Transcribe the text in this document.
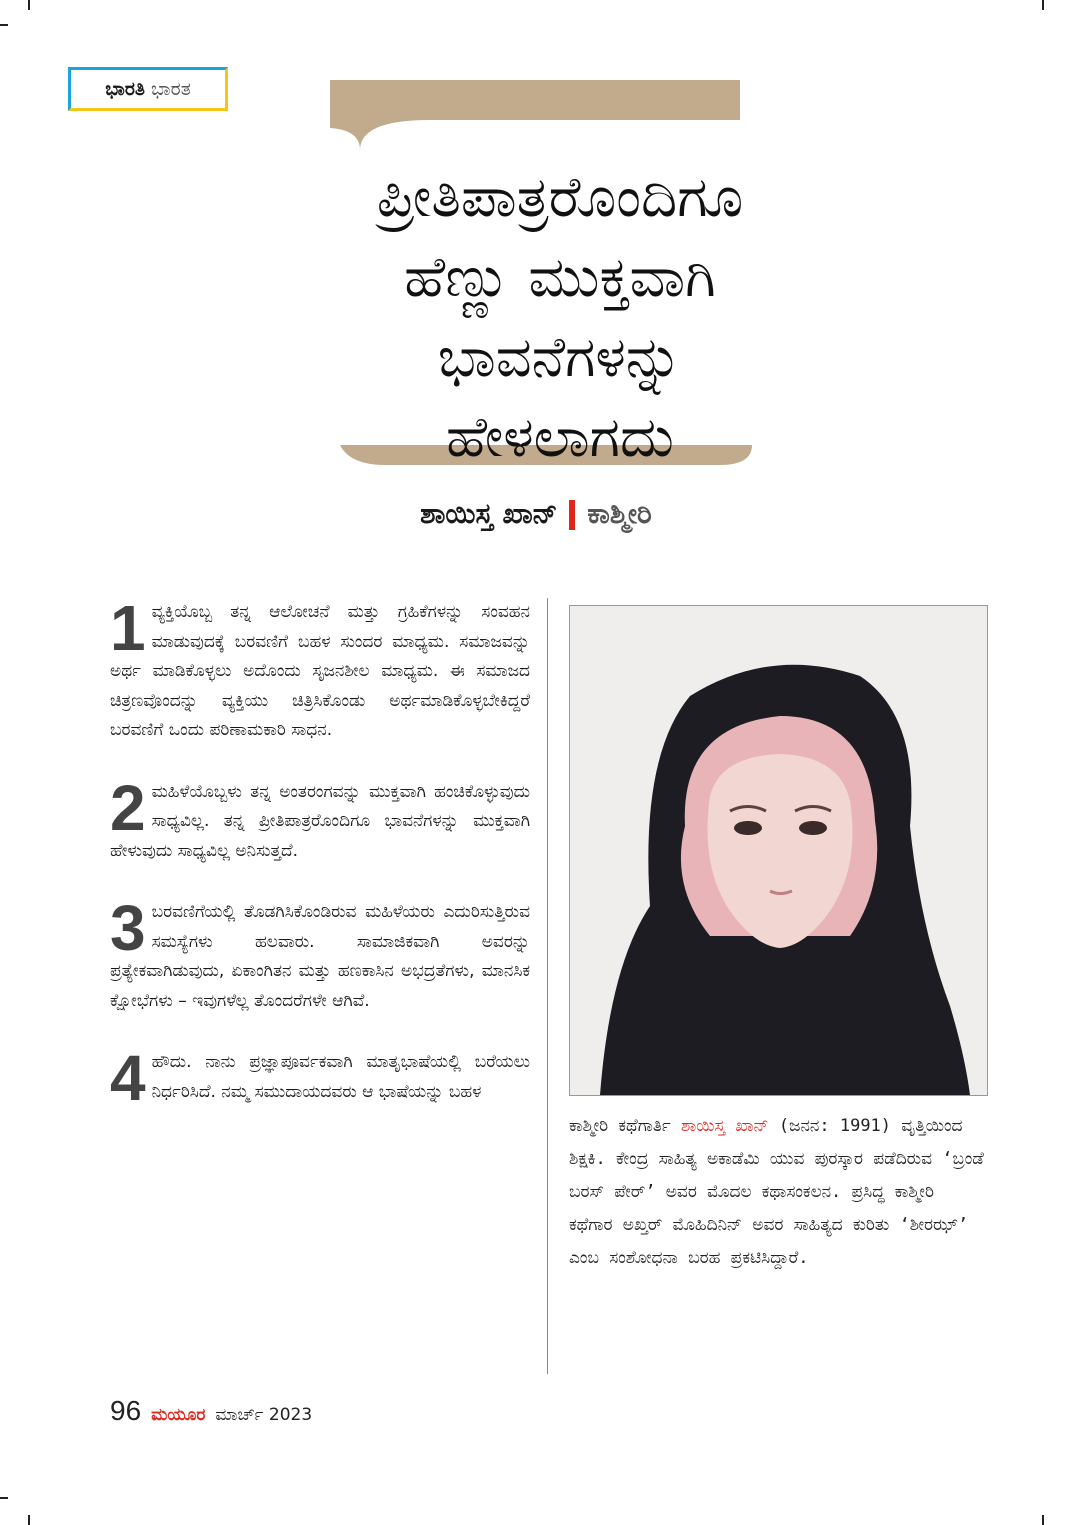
ಭಾರತಿ ಭಾರತ
ಪ್ರೀತಿಪಾತ್ರರೊಂದಿಗೂ
ಹೆಣ್ಣು ಮುಕ್ತವಾಗಿ
ಭಾವನೆಗಳನ್ನು
ಹೇಳಲಾಗದು
ಶಾಯಿಸ್ತ ಖಾನ್ ಕಾಶ್ಮೀರಿ
1 ವ್ಯಕ್ತಿಯೊಬ್ಬ ತನ್ನ ಆಲೋಚನೆ ಮತ್ತು ಗ್ರಹಿಕೆಗಳನ್ನು ಸಂವಹನ ಮಾಡುವುದಕ್ಕೆ ಬರವಣಿಗೆ ಬಹಳ ಸುಂದರ ಮಾಧ್ಯಮ. ಸಮಾಜವನ್ನು ಅರ್ಥ ಮಾಡಿಕೊಳ್ಳಲು ಅದೊಂದು ಸೃಜನಶೀಲ ಮಾಧ್ಯಮ. ಈ ಸಮಾಜದ ಚಿತ್ರಣವೊಂದನ್ನು ವ್ಯಕ್ತಿಯು ಚಿತ್ರಿಸಿಕೊಂಡು ಅರ್ಥಮಾಡಿಕೊಳ್ಳಬೇಕಿದ್ದರೆ ಬರವಣಿಗೆ ಒಂದು ಪರಿಣಾಮಕಾರಿ ಸಾಧನ.
2 ಮಹಿಳೆಯೊಬ್ಬಳು ತನ್ನ ಅಂತರಂಗವನ್ನು ಮುಕ್ತವಾಗಿ ಹಂಚಿಕೊಳ್ಳುವುದು ಸಾಧ್ಯವಿಲ್ಲ. ತನ್ನ ಪ್ರೀತಿಪಾತ್ರರೊಂದಿಗೂ ಭಾವನೆಗಳನ್ನು ಮುಕ್ತವಾಗಿ ಹೇಳುವುದು ಸಾಧ್ಯವಿಲ್ಲ ಅನಿಸುತ್ತದೆ.
3 ಬರವಣಿಗೆಯಲ್ಲಿ ತೊಡಗಿಸಿಕೊಂಡಿರುವ ಮಹಿಳೆಯರು ಎದುರಿಸುತ್ತಿರುವ ಸಮಸ್ಯೆಗಳು ಹಲವಾರು. ಸಾಮಾಜಿಕವಾಗಿ ಅವರನ್ನು ಪ್ರತ್ಯೇಕವಾಗಿಡುವುದು, ಏಕಾಂಗಿತನ ಮತ್ತು ಹಣಕಾಸಿನ ಅಭದ್ರತೆಗಳು, ಮಾನಸಿಕ ಕ್ಷೋಭೆಗಳು – ಇವುಗಳೆಲ್ಲ ತೊಂದರೆಗಳೇ ಆಗಿವೆ.
4 ಹೌದು. ನಾನು ಪ್ರಜ್ಞಾಪೂರ್ವಕವಾಗಿ ಮಾತೃಭಾಷೆಯಲ್ಲಿ ಬರೆಯಲು ನಿರ್ಧರಿಸಿದೆ. ನಮ್ಮ ಸಮುದಾಯದವರು ಆ ಭಾಷೆಯನ್ನು ಬಹಳ
ಕಾಶ್ಮೀರಿ ಕಥೆಗಾರ್ತಿ ಶಾಯಿಸ್ತ ಖಾನ್ (ಜನನ: 1991) ವೃತ್ತಿಯಿಂದ ಶಿಕ್ಷಕಿ. ಕೇಂದ್ರ ಸಾಹಿತ್ಯ ಅಕಾಡೆಮಿ ಯುವ ಪುರಸ್ಕಾರ ಪಡೆದಿರುವ ‘ಬ್ರಂಡೆ ಬರಸ್ ಪೇರ್’ ಅವರ ಮೊದಲ ಕಥಾಸಂಕಲನ. ಪ್ರಸಿದ್ಧ ಕಾಶ್ಮೀರಿ ಕಥೆಗಾರ ಅಖ್ತರ್ ಮೊಹಿದಿನಿನ್ ಅವರ ಸಾಹಿತ್ಯದ ಕುರಿತು ‘ಶೀರಝ್’ ಎಂಬ ಸಂಶೋಧನಾ ಬರಹ ಪ್ರಕಟಿಸಿದ್ದಾರೆ.
96 ಮಯೂರ ಮಾರ್ಚ್ 2023
